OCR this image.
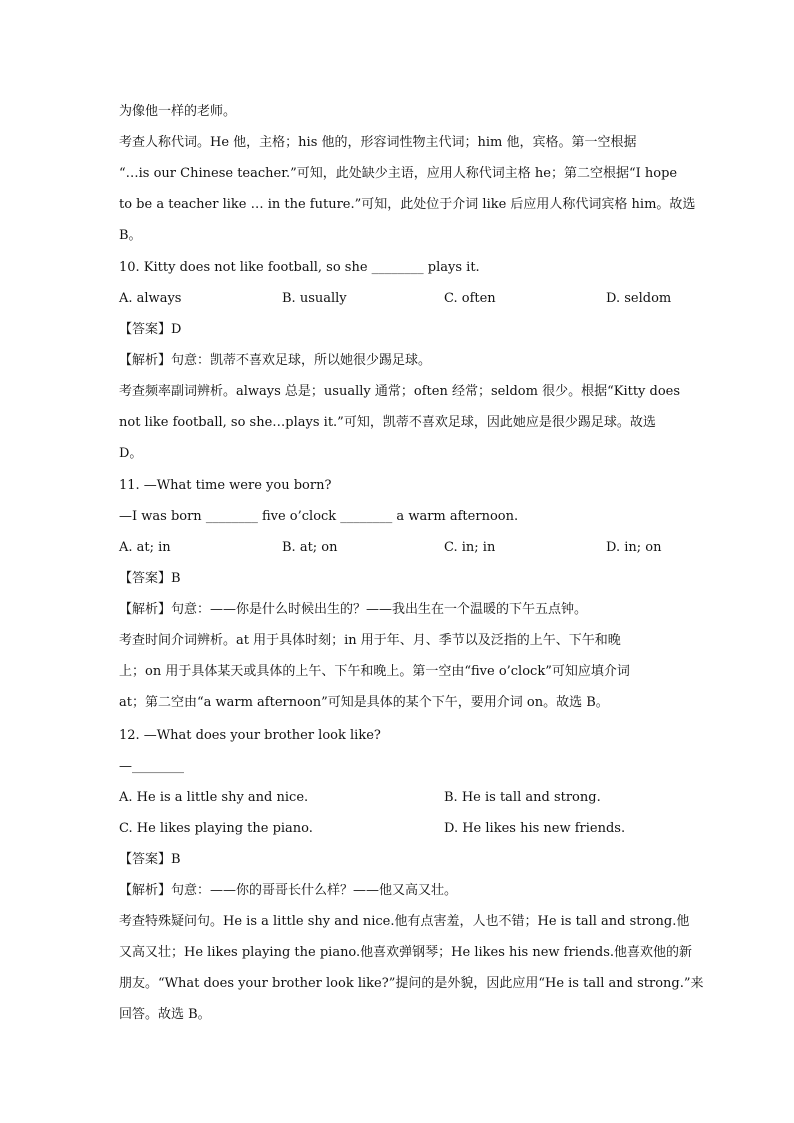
为像他一样的老师。
考查人称代词。He 他，主格；his 他的，形容词性物主代词；him 他，宾格。第一空根据
“…is our Chinese teacher.”可知，此处缺少主语，应用人称代词主格 he；第二空根据“I hope
to be a teacher like … in the future.”可知，此处位于介词 like 后应用人称代词宾格 him。故选
B。
10. Kitty does not like football, so she ________ plays it.
A. always	B. usually	C. often	D. seldom
【答案】D
【解析】句意：凯蒂不喜欢足球，所以她很少踢足球。
考查频率副词辨析。always 总是；usually 通常；often 经常；seldom 很少。根据“Kitty does
not like football, so she…plays it.”可知，凯蒂不喜欢足球，因此她应是很少踢足球。故选
D。
11. —What time were you born?
—I was born ________ five o’clock ________ a warm afternoon.
A. at; in	B. at; on	C. in; in	D. in; on
【答案】B
【解析】句意：——你是什么时候出生的？——我出生在一个温暖的下午五点钟。
考查时间介词辨析。at 用于具体时刻；in 用于年、月、季节以及泛指的上午、下午和晚
上；on 用于具体某天或具体的上午、下午和晚上。第一空由“five o’clock”可知应填介词
at；第二空由“a warm afternoon”可知是具体的某个下午，要用介词 on。故选 B。
12. —What does your brother look like?
—________
A. He is a little shy and nice.	B. He is tall and strong.
C. He likes playing the piano.	D. He likes his new friends.
【答案】B
【解析】句意：——你的哥哥长什么样？——他又高又壮。
考查特殊疑问句。He is a little shy and nice.他有点害羞，人也不错；He is tall and strong.他
又高又壮；He likes playing the piano.他喜欢弹钢琴；He likes his new friends.他喜欢他的新
朋友。“What does your brother look like?”提问的是外貌，因此应用“He is tall and strong.”来
回答。故选 B。
